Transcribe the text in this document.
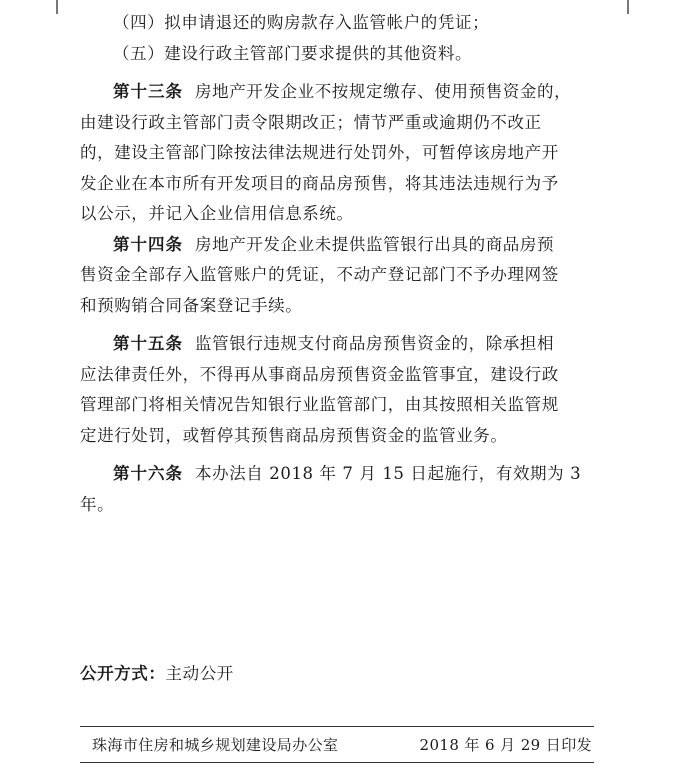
（四）拟申请退还的购房款存入监管帐户的凭证；
（五）建设行政主管部门要求提供的其他资料。
第十三条 房地产开发企业不按规定缴存、使用预售资金的，
由建设行政主管部门责令限期改正；情节严重或逾期仍不改正
的，建设主管部门除按法律法规进行处罚外，可暂停该房地产开
发企业在本市所有开发项目的商品房预售，将其违法违规行为予
以公示，并记入企业信用信息系统。
第十四条 房地产开发企业未提供监管银行出具的商品房预
售资金全部存入监管账户的凭证，不动产登记部门不予办理网签
和预购销合同备案登记手续。
第十五条 监管银行违规支付商品房预售资金的，除承担相
应法律责任外，不得再从事商品房预售资金监管事宜，建设行政
管理部门将相关情况告知银行业监管部门，由其按照相关监管规
定进行处罚，或暂停其预售商品房预售资金的监管业务。
第十六条 本办法自 2018 年 7 月 15 日起施行，有效期为 3
年。
公开方式：主动公开
珠海市住房和城乡规划建设局办公室	2018 年 6 月 29 日印发
